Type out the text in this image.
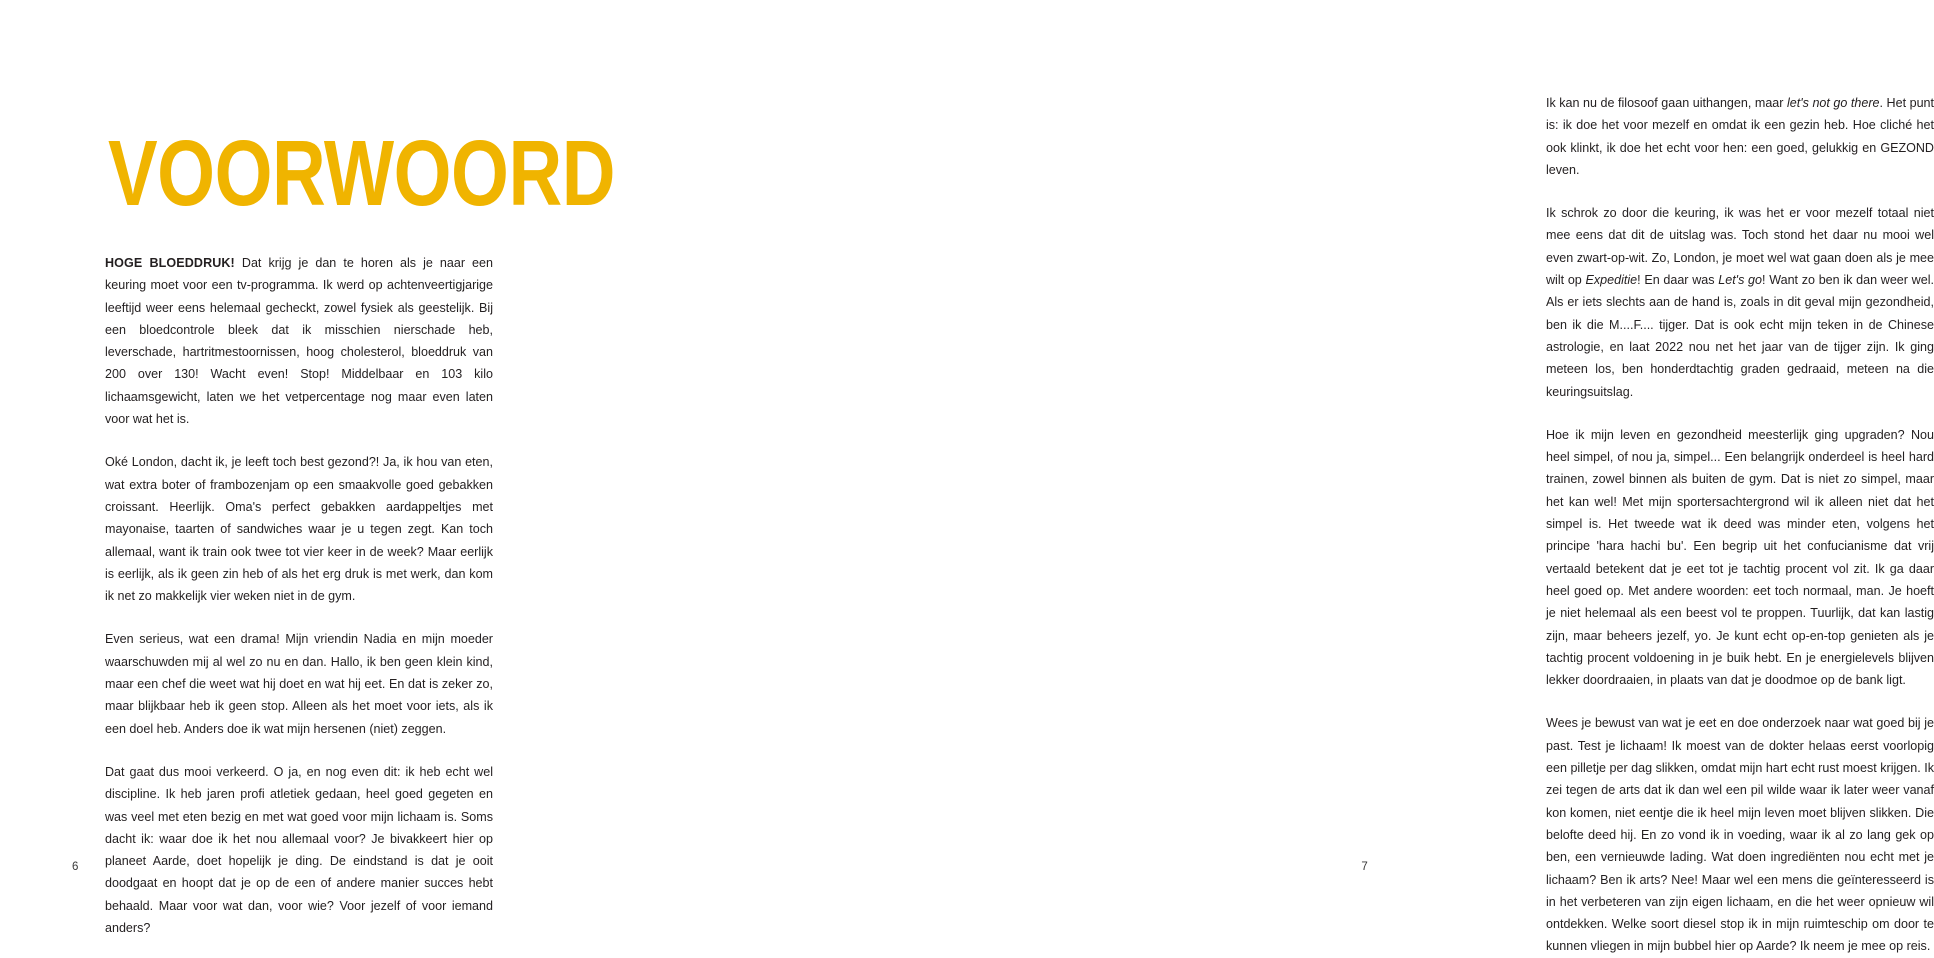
VOORWOORD

HOGE BLOEDDRUK! Dat krijg je dan te horen als je naar een keuring moet voor een tv-programma. Ik werd op achtenveertigjarige leeftijd weer eens helemaal gecheckt, zowel fysiek als geestelijk. Bij een bloedcontrole bleek dat ik misschien nierschade heb, leverschade, hartritmestoornissen, hoog cholesterol, bloeddruk van 200 over 130! Wacht even! Stop! Middelbaar en 103 kilo lichaamsgewicht, laten we het vetpercentage nog maar even laten voor wat het is.

Oké London, dacht ik, je leeft toch best gezond?! Ja, ik hou van eten, wat extra boter of frambozenjam op een smaakvolle goed gebakken croissant. Heerlijk. Oma's perfect gebakken aardappeltjes met mayonaise, taarten of sandwiches waar je u tegen zegt. Kan toch allemaal, want ik train ook twee tot vier keer in de week? Maar eerlijk is eerlijk, als ik geen zin heb of als het erg druk is met werk, dan kom ik net zo makkelijk vier weken niet in de gym.

Even serieus, wat een drama! Mijn vriendin Nadia en mijn moeder waarschuwden mij al wel zo nu en dan. Hallo, ik ben geen klein kind, maar een chef die weet wat hij doet en wat hij eet. En dat is zeker zo, maar blijkbaar heb ik geen stop. Alleen als het moet voor iets, als ik een doel heb. Anders doe ik wat mijn hersenen (niet) zeggen.

Dat gaat dus mooi verkeerd. O ja, en nog even dit: ik heb echt wel discipline. Ik heb jaren profi atletiek gedaan, heel goed gegeten en was veel met eten bezig en met wat goed voor mijn lichaam is. Soms dacht ik: waar doe ik het nou allemaal voor? Je bivakkeert hier op planeet Aarde, doet hopelijk je ding. De eindstand is dat je ooit doodgaat en hoopt dat je op de een of andere manier succes hebt behaald. Maar voor wat dan, voor wie? Voor jezelf of voor iemand anders?

6

Ik kan nu de filosoof gaan uithangen, maar let's not go there. Het punt is: ik doe het voor mezelf en omdat ik een gezin heb. Hoe cliché het ook klinkt, ik doe het echt voor hen: een goed, gelukkig en GEZOND leven.

Ik schrok zo door die keuring, ik was het er voor mezelf totaal niet mee eens dat dit de uitslag was. Toch stond het daar nu mooi wel even zwart-op-wit. Zo, London, je moet wel wat gaan doen als je mee wilt op Expeditie! En daar was Let's go! Want zo ben ik dan weer wel. Als er iets slechts aan de hand is, zoals in dit geval mijn gezondheid, ben ik die M....F.... tijger. Dat is ook echt mijn teken in de Chinese astrologie, en laat 2022 nou net het jaar van de tijger zijn. Ik ging meteen los, ben honderdtachtig graden gedraaid, meteen na die keuringsuitslag.

Hoe ik mijn leven en gezondheid meesterlijk ging upgraden? Nou heel simpel, of nou ja, simpel... Een belangrijk onderdeel is heel hard trainen, zowel binnen als buiten de gym. Dat is niet zo simpel, maar het kan wel! Met mijn sportersachtergrond wil ik alleen niet dat het simpel is. Het tweede wat ik deed was minder eten, volgens het principe 'hara hachi bu'. Een begrip uit het confucianisme dat vrij vertaald betekent dat je eet tot je tachtig procent vol zit. Ik ga daar heel goed op. Met andere woorden: eet toch normaal, man. Je hoeft je niet helemaal als een beest vol te proppen. Tuurlijk, dat kan lastig zijn, maar beheers jezelf, yo. Je kunt echt op-en-top genieten als je tachtig procent voldoening in je buik hebt. En je energielevels blijven lekker doordraaien, in plaats van dat je doodmoe op de bank ligt.

Wees je bewust van wat je eet en doe onderzoek naar wat goed bij je past. Test je lichaam! Ik moest van de dokter helaas eerst voorlopig een pilletje per dag slikken, omdat mijn hart echt rust moest krijgen. Ik zei tegen de arts dat ik dan wel een pil wilde waar ik later weer vanaf kon komen, niet eentje die ik heel mijn leven moet blijven slikken. Die belofte deed hij. En zo vond ik in voeding, waar ik al zo lang gek op ben, een vernieuwde lading. Wat doen ingrediënten nou echt met je lichaam? Ben ik arts? Nee! Maar wel een mens die geïnteresseerd is in het verbeteren van zijn eigen lichaam, en die het weer opnieuw wil ontdekken. Welke soort diesel stop ik in mijn ruimteschip om door te kunnen vliegen in mijn bubbel hier op Aarde? Ik neem je mee op reis.

7
